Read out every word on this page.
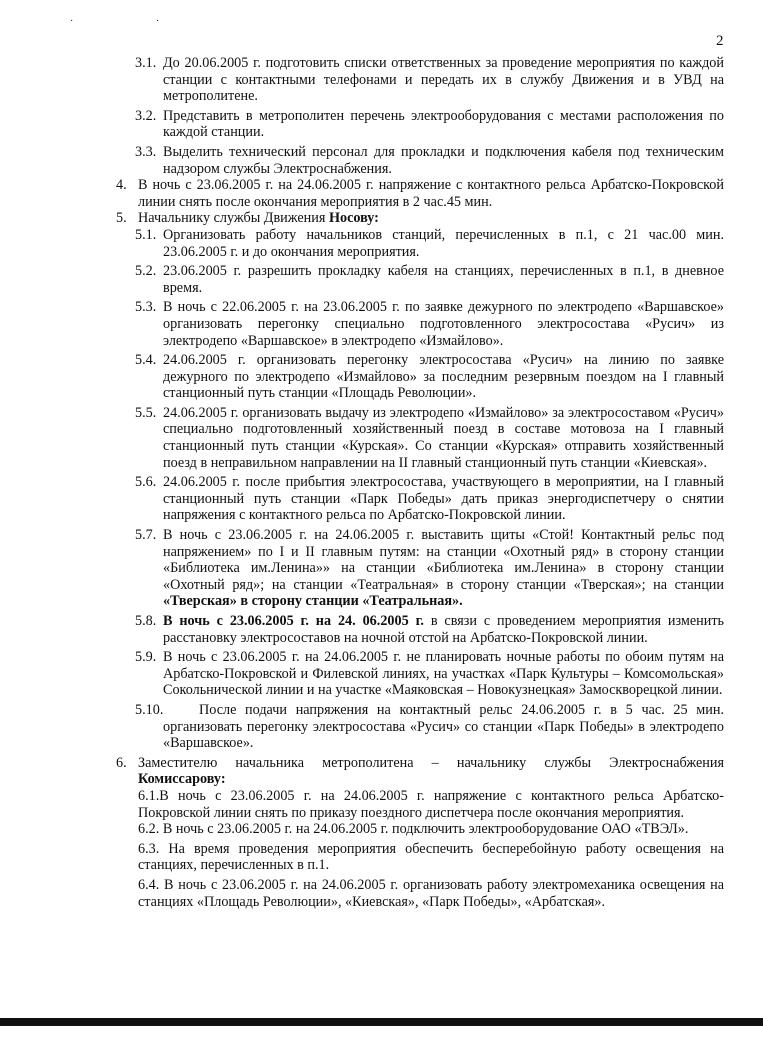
· ·
2
3.1. До 20.06.2005 г. подготовить списки ответственных за проведение мероприятия по каждой станции с контактными телефонами и передать их в службу Движения и в УВД на метрополитене.
3.2. Представить в метрополитен перечень электрооборудования с местами расположения по каждой станции.
3.3. Выделить технический персонал для прокладки и подключения кабеля под техническим надзором службы Электроснабжения.
4. В ночь с 23.06.2005 г. на 24.06.2005 г. напряжение с контактного рельса Арбатско-Покровской линии снять после окончания мероприятия в 2 час.45 мин.
5. Начальнику службы Движения Носову:
5.1. Организовать работу начальников станций, перечисленных в п.1, с 21 час.00 мин. 23.06.2005 г. и до окончания мероприятия.
5.2. 23.06.2005 г. разрешить прокладку кабеля на станциях, перечисленных в п.1, в дневное время.
5.3. В ночь с 22.06.2005 г. на 23.06.2005 г. по заявке дежурного по электродепо «Варшавское» организовать перегонку специально подготовленного электросостава «Русич» из электродепо «Варшавское» в электродепо «Измайлово».
5.4. 24.06.2005 г. организовать перегонку электросостава «Русич» на линию по заявке дежурного по электродепо «Измайлово» за последним резервным поездом на I главный станционный путь станции «Площадь Революции».
5.5. 24.06.2005 г. организовать выдачу из электродепо «Измайлово» за электросоставом «Русич» специально подготовленный хозяйственный поезд в составе мотовоза на I главный станционный путь станции «Курская». Со станции «Курская» отправить хозяйственный поезд в неправильном направлении на II главный станционный путь станции «Киевская».
5.6. 24.06.2005 г. после прибытия электросостава, участвующего в мероприятии, на I главный станционный путь станции «Парк Победы» дать приказ энергодиспетчеру о снятии напряжения с контактного рельса по Арбатско-Покровской линии.
5.7. В ночь с 23.06.2005 г. на 24.06.2005 г. выставить щиты «Стой! Контактный рельс под напряжением» по I и II главным путям: на станции «Охотный ряд» в сторону станции «Библиотека им.Ленина»» на станции «Библиотека им.Ленина» в сторону станции «Охотный ряд»; на станции «Театральная» в сторону станции «Тверская»; на станции «Тверская» в сторону станции «Театральная».
5.8. В ночь с 23.06.2005 г. на 24. 06.2005 г. в связи с проведением мероприятия изменить расстановку электросоставов на ночной отстой на Арбатско-Покровской линии.
5.9. В ночь с 23.06.2005 г. на 24.06.2005 г. не планировать ночные работы по обоим путям на Арбатско-Покровской и Филевской линиях, на участках «Парк Культуры – Комсомольская» Сокольнической линии и на участке «Маяковская – Новокузнецкая» Замоскворецкой линии.
5.10.	После подачи напряжения на контактный рельс 24.06.2005 г. в 5 час. 25 мин. организовать перегонку электросостава «Русич» со станции «Парк Победы» в электродепо «Варшавское».
6. Заместителю начальника метрополитена – начальнику службы Электроснабжения Комиссарову:
6.1.В ночь с 23.06.2005 г. на 24.06.2005 г. напряжение с контактного рельса Арбатско-Покровской линии снять по приказу поездного диспетчера после окончания мероприятия.
6.2. В ночь с 23.06.2005 г. на 24.06.2005 г. подключить электрооборудование ОАО «ТВЭЛ».
6.3. На время проведения мероприятия обеспечить бесперебойную работу освещения на станциях, перечисленных в п.1.
6.4. В ночь с 23.06.2005 г. на 24.06.2005 г. организовать работу электромеханика освещения на станциях «Площадь Революции», «Киевская», «Парк Победы», «Арбатская».
